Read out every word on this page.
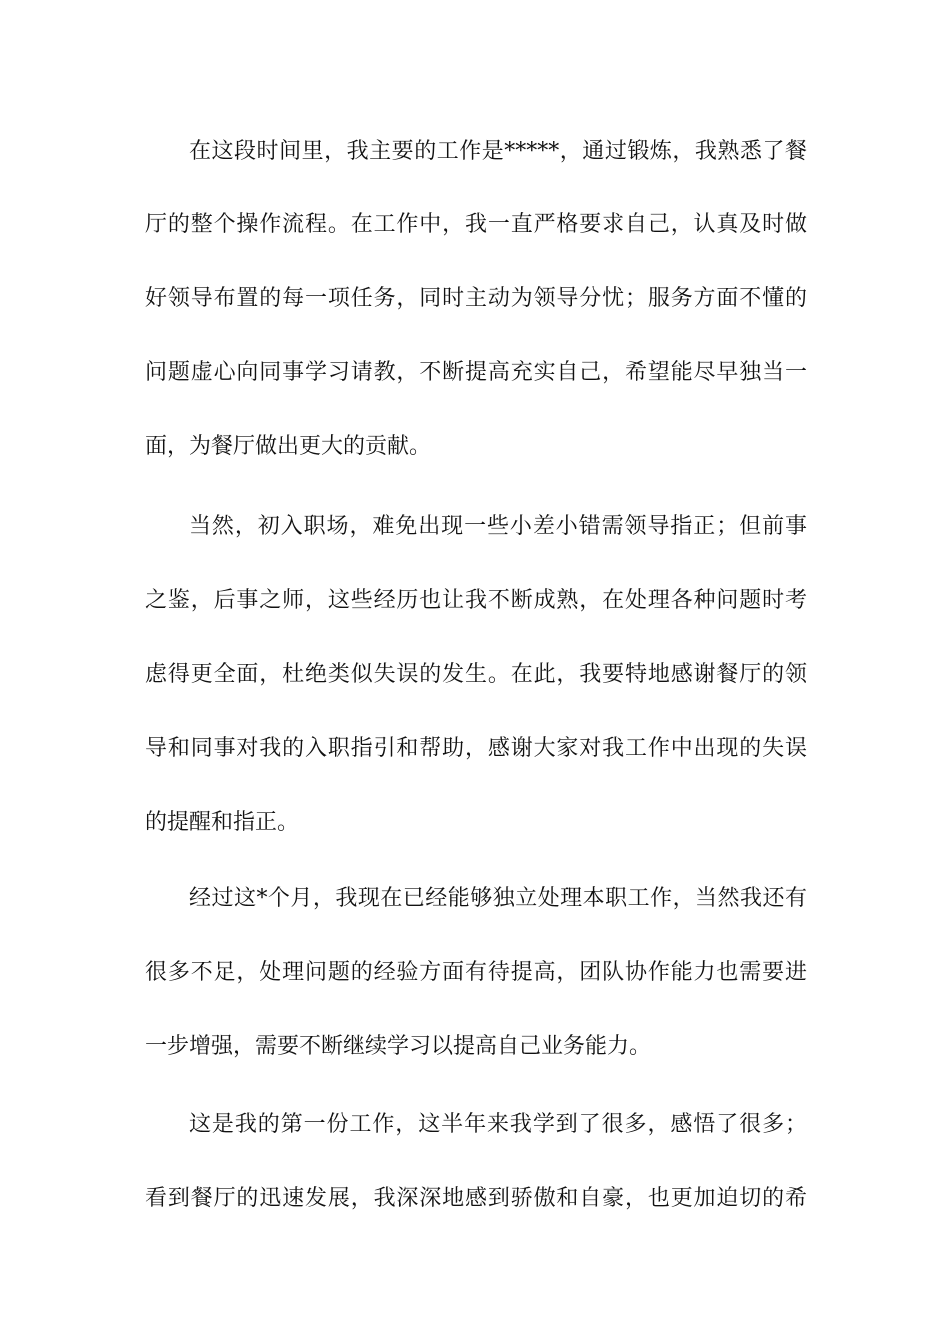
在这段时间里，我主要的工作是*****，通过锻炼，我熟悉了餐
厅的整个操作流程。在工作中，我一直严格要求自己，认真及时做
好领导布置的每一项任务，同时主动为领导分忧；服务方面不懂的
问题虚心向同事学习请教，不断提高充实自己，希望能尽早独当一
面，为餐厅做出更大的贡献。
当然，初入职场，难免出现一些小差小错需领导指正；但前事
之鉴，后事之师，这些经历也让我不断成熟，在处理各种问题时考
虑得更全面，杜绝类似失误的发生。在此，我要特地感谢餐厅的领
导和同事对我的入职指引和帮助，感谢大家对我工作中出现的失误
的提醒和指正。
经过这*个月，我现在已经能够独立处理本职工作，当然我还有
很多不足，处理问题的经验方面有待提高，团队协作能力也需要进
一步增强，需要不断继续学习以提高自己业务能力。
这是我的第一份工作，这半年来我学到了很多，感悟了很多；
看到餐厅的迅速发展，我深深地感到骄傲和自豪，也更加迫切的希
